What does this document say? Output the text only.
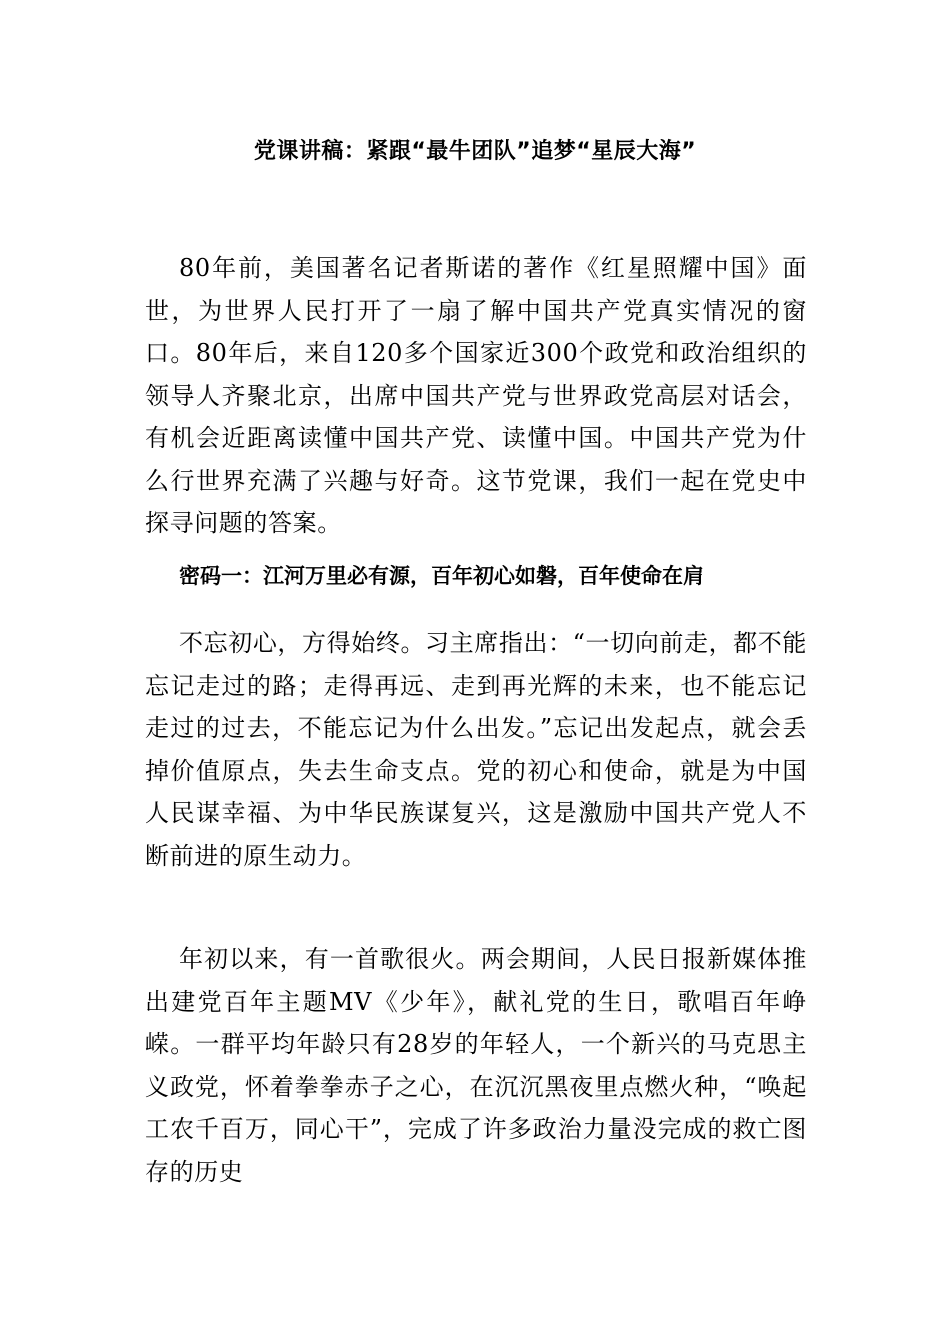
党课讲稿：紧跟“最牛团队”追梦“星辰大海”

80年前，美国著名记者斯诺的著作《红星照耀中国》面世，为世界人民打开了一扇了解中国共产党真实情况的窗口。80年后，来自120多个国家近300个政党和政治组织的领导人齐聚北京，出席中国共产党与世界政党高层对话会，有机会近距离读懂中国共产党、读懂中国。中国共产党为什么行世界充满了兴趣与好奇。这节党课，我们一起在党史中探寻问题的答案。

密码一：江河万里必有源，百年初心如磐，百年使命在肩

不忘初心，方得始终。习主席指出：“一切向前走，都不能忘记走过的路；走得再远、走到再光辉的未来，也不能忘记走过的过去，不能忘记为什么出发。”忘记出发起点，就会丢掉价值原点，失去生命支点。党的初心和使命，就是为中国人民谋幸福、为中华民族谋复兴，这是激励中国共产党人不断前进的原生动力。

年初以来，有一首歌很火。两会期间，人民日报新媒体推出建党百年主题MV《少年》，献礼党的生日，歌唱百年峥嵘。一群平均年龄只有28岁的年轻人，一个新兴的马克思主义政党，怀着拳拳赤子之心，在沉沉黑夜里点燃火种，“唤起工农千百万，同心干”，完成了许多政治力量没完成的救亡图存的历史
